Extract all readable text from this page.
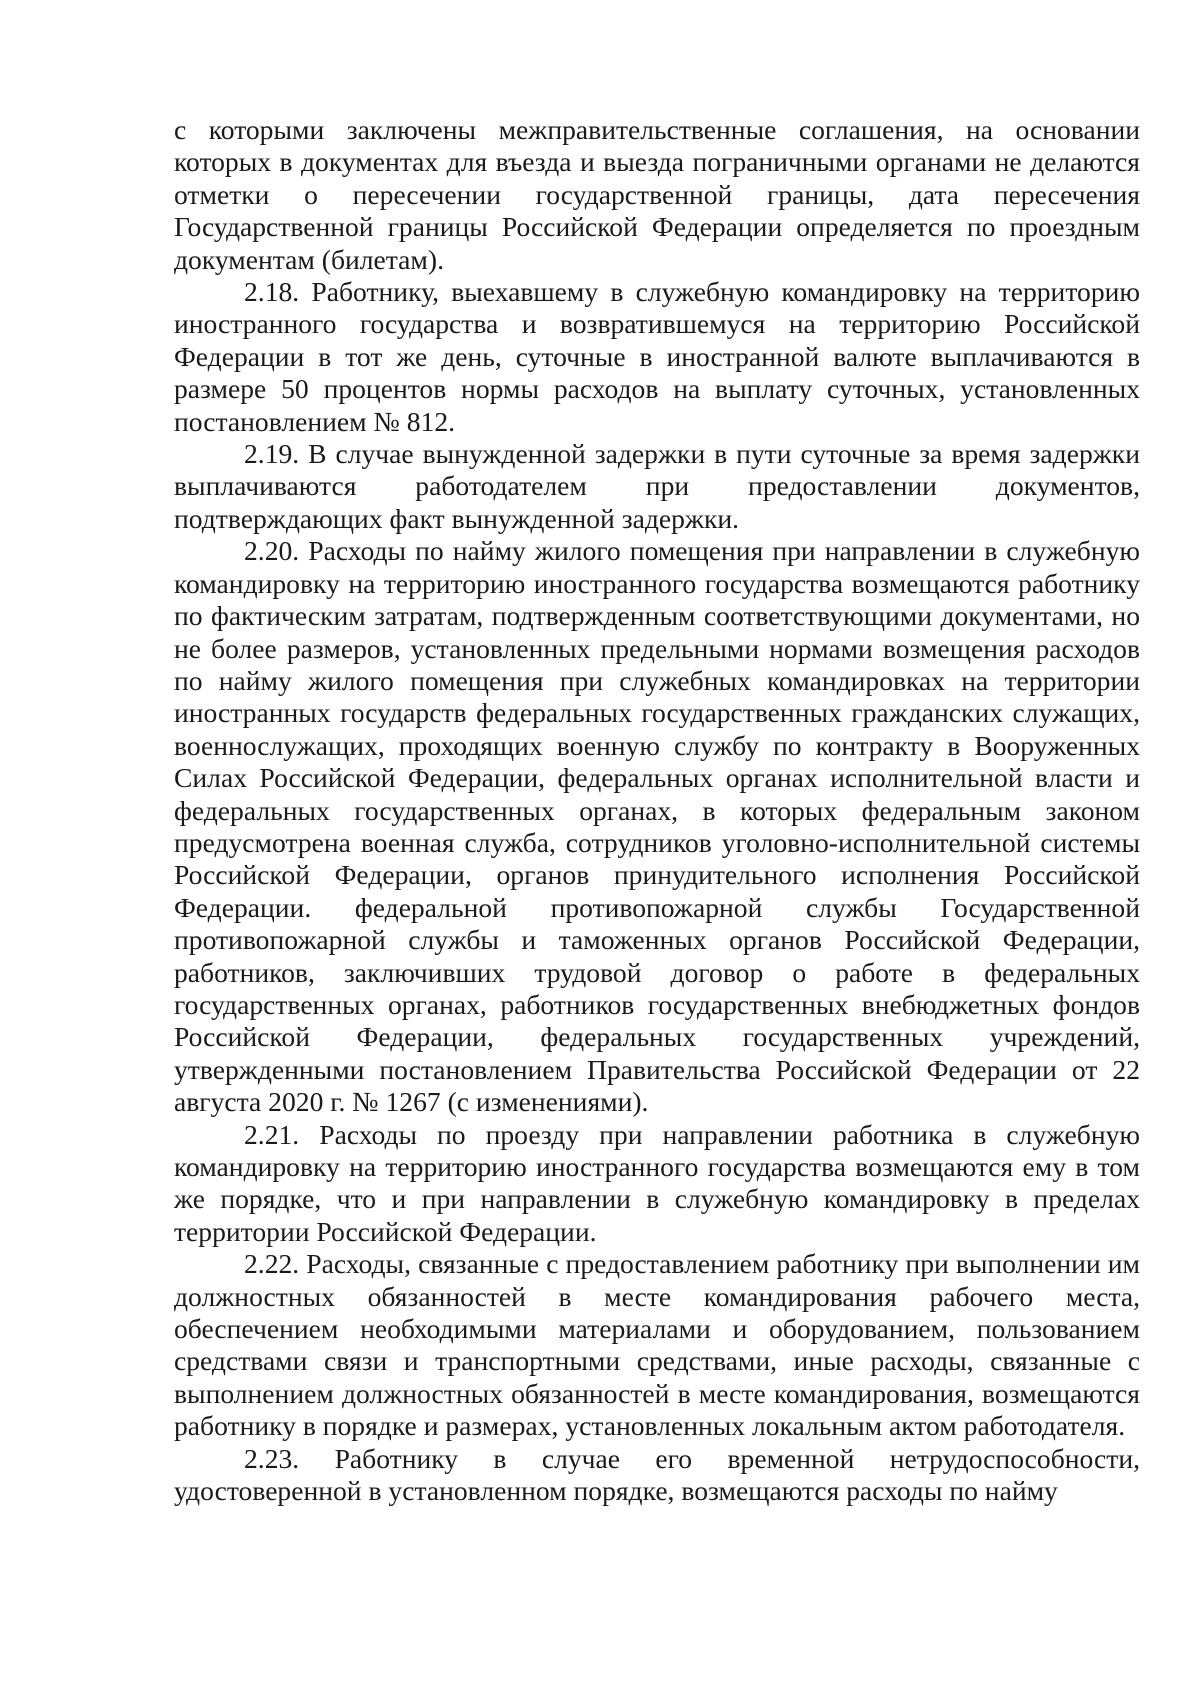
с которыми заключены межправительственные соглашения, на основании которых в документах для въезда и выезда пограничными органами не делаются отметки о пересечении государственной границы, дата пересечения Государственной границы Российской Федерации определяется по проездным документам (билетам).

2.18. Работнику, выехавшему в служебную командировку на территорию иностранного государства и возвратившемуся на территорию Российской Федерации в тот же день, суточные в иностранной валюте выплачиваются в размере 50 процентов нормы расходов на выплату суточных, установленных постановлением № 812.

2.19. В случае вынужденной задержки в пути суточные за время задержки выплачиваются работодателем при предоставлении документов, подтверждающих факт вынужденной задержки.

2.20. Расходы по найму жилого помещения при направлении в служебную командировку на территорию иностранного государства возмещаются работнику по фактическим затратам, подтвержденным соответствующими документами, но не более размеров, установленных предельными нормами возмещения расходов по найму жилого помещения при служебных командировках на территории иностранных государств федеральных государственных гражданских служащих, военнослужащих, проходящих военную службу по контракту в Вооруженных Силах Российской Федерации, федеральных органах исполнительной власти и федеральных государственных органах, в которых федеральным законом предусмотрена военная служба, сотрудников уголовно-исполнительной системы Российской Федерации, органов принудительного исполнения Российской Федерации. федеральной противопожарной службы Государственной противопожарной службы и таможенных органов Российской Федерации, работников, заключивших трудовой договор о работе в федеральных государственных органах, работников государственных внебюджетных фондов Российской Федерации, федеральных государственных учреждений, утвержденными постановлением Правительства Российской Федерации от 22 августа 2020 г. № 1267 (с изменениями).

2.21. Расходы по проезду при направлении работника в служебную командировку на территорию иностранного государства возмещаются ему в том же порядке, что и при направлении в служебную командировку в пределах территории Российской Федерации.

2.22. Расходы, связанные с предоставлением работнику при выполнении им должностных обязанностей в месте командирования рабочего места, обеспечением необходимыми материалами и оборудованием, пользованием средствами связи и транспортными средствами, иные расходы, связанные с выполнением должностных обязанностей в месте командирования, возмещаются работнику в порядке и размерах, установленных локальным актом работодателя.

2.23. Работнику в случае его временной нетрудоспособности, удостоверенной в установленном порядке, возмещаются расходы по найму
